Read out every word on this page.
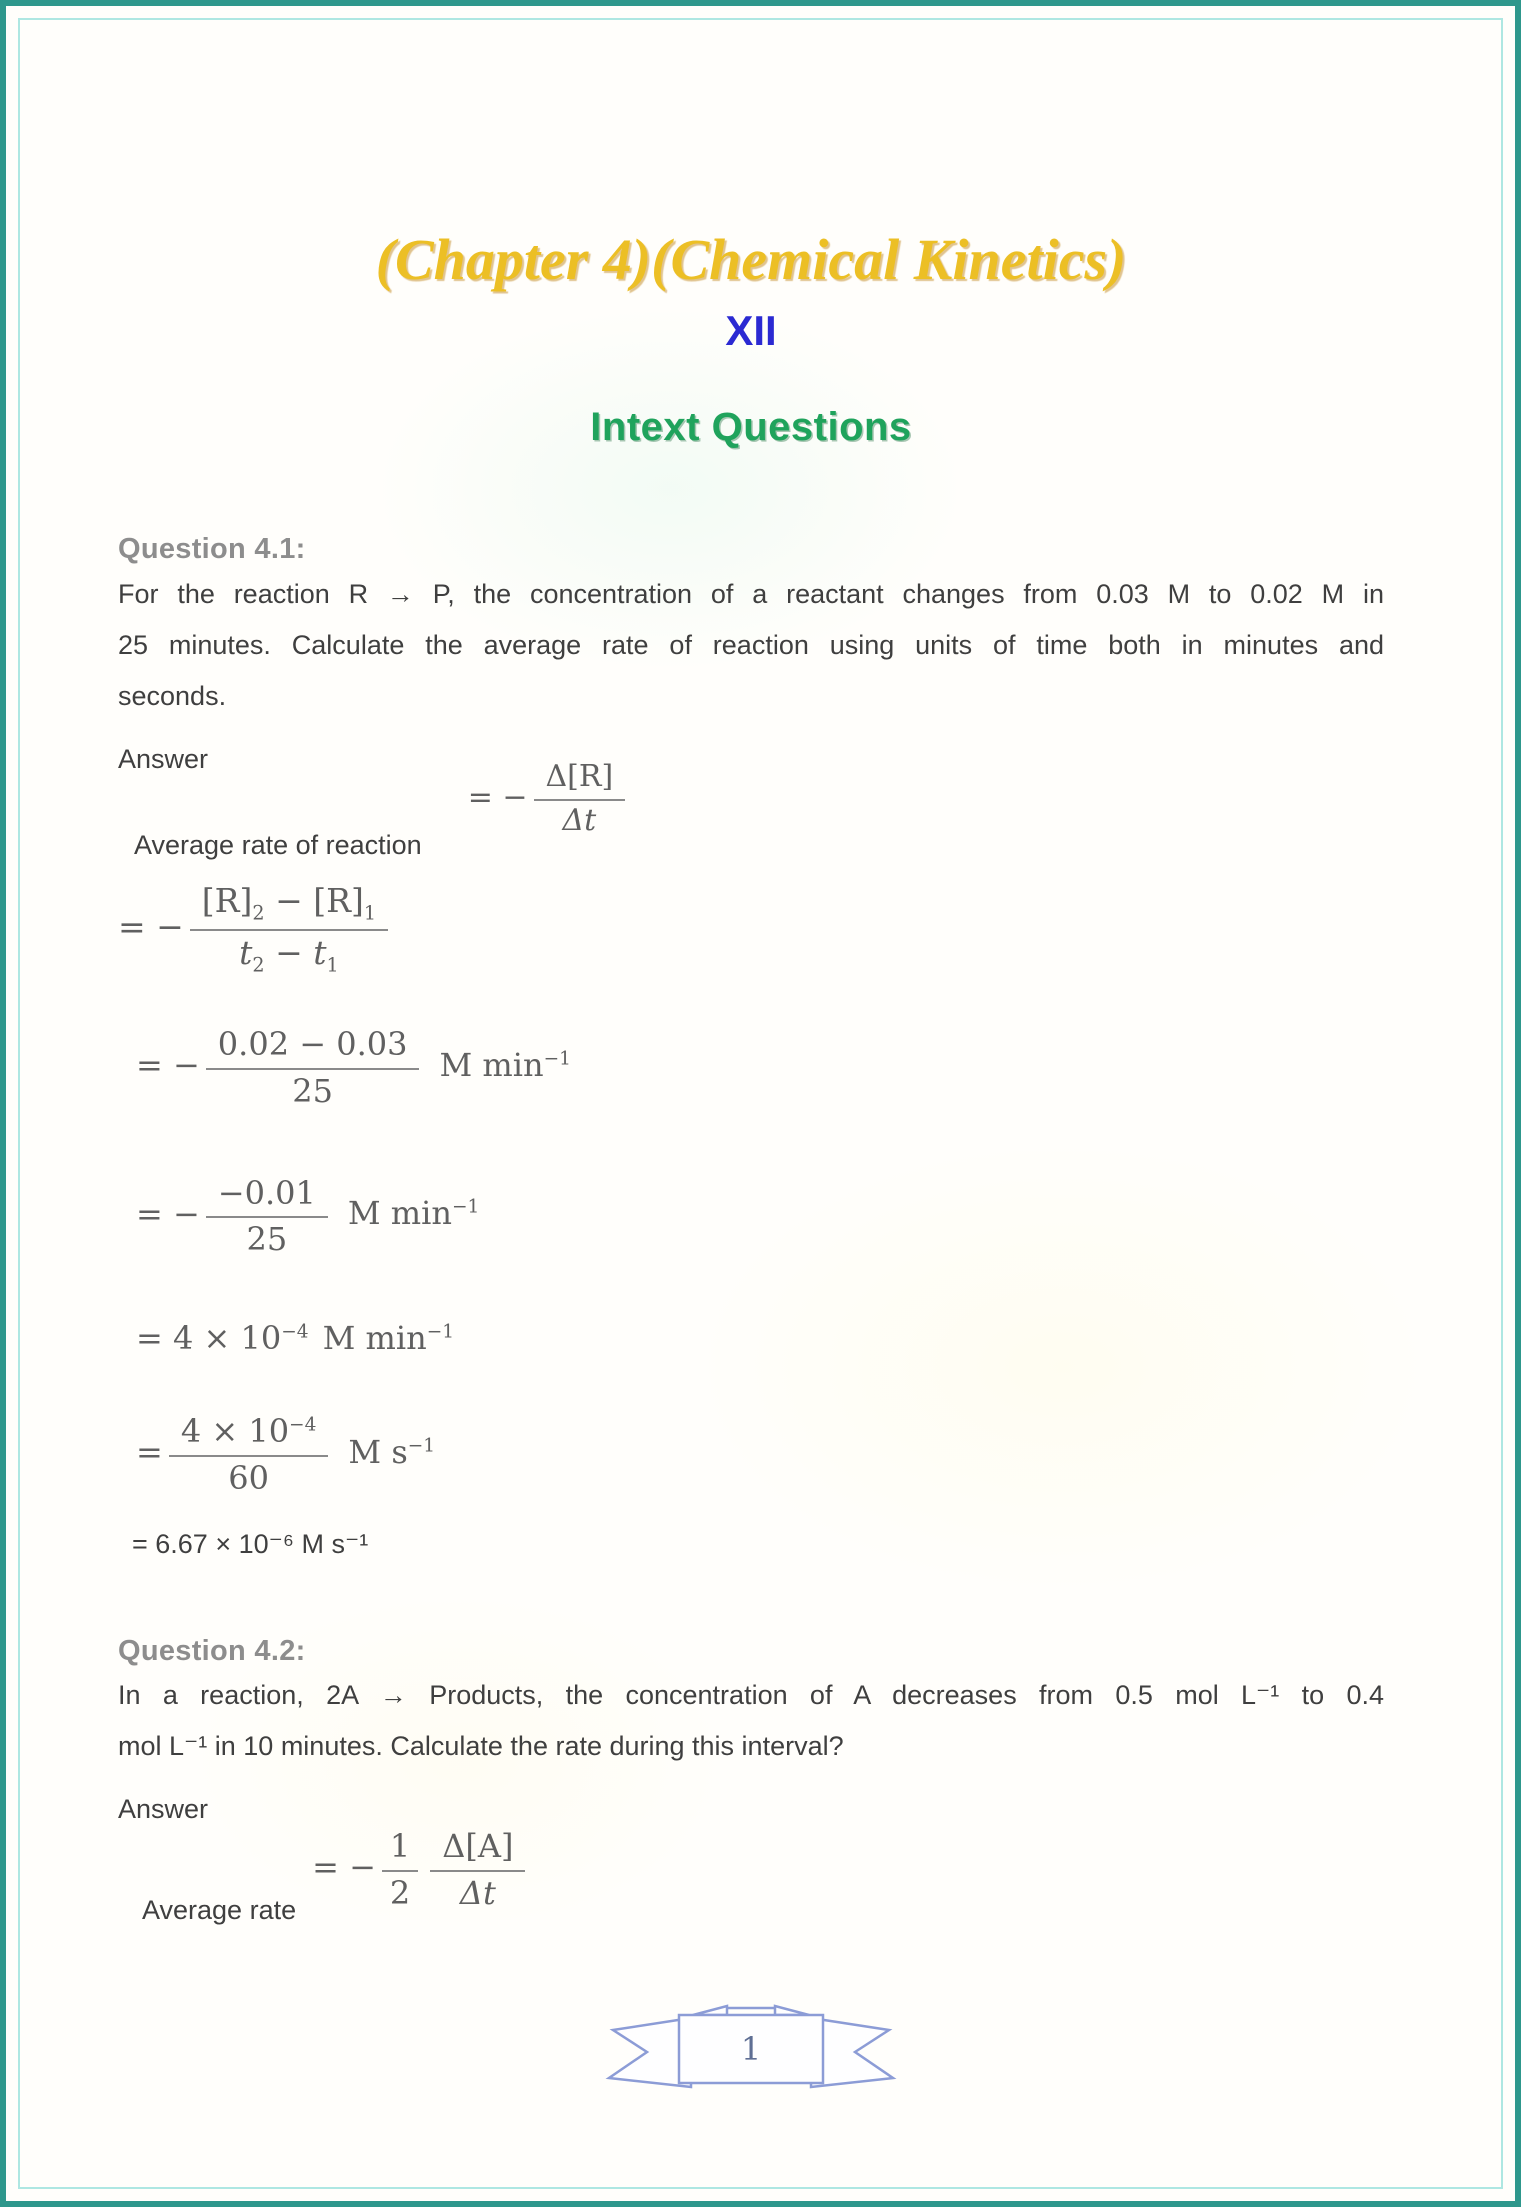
(Chapter 4)(Chemical Kinetics)
XII
Intext Questions
Question 4.1:
For the reaction R → P, the concentration of a reactant changes from 0.03 M to 0.02 M in
25 minutes. Calculate the average rate of reaction using units of time both in minutes and
seconds.
Answer
Average rate of reaction
= − $\frac{\Delta[R]}{\Delta t}$
= − $\frac{[R]_2 - [R]_1}{t_2 - t_1}$
= − $\frac{0.02 - 0.03}{25}$ M $\min^{-1}$
= − $\frac{-0.01}{25}$ M $\min^{-1}$
= $4 \times 10^{-4}$ M $\min^{-1}$
= $\frac{4 \times 10^{-4}}{60}$ M $s^{-1}$
= 6.67 × 10⁻⁶ M s⁻¹
Question 4.2:
In a reaction, 2A → Products, the concentration of A decreases from 0.5 mol L⁻¹ to 0.4
mol L⁻¹ in 10 minutes. Calculate the rate during this interval?
Answer
Average rate
= − $\frac{1}{2} \frac{\Delta[A]}{\Delta t}$
1
